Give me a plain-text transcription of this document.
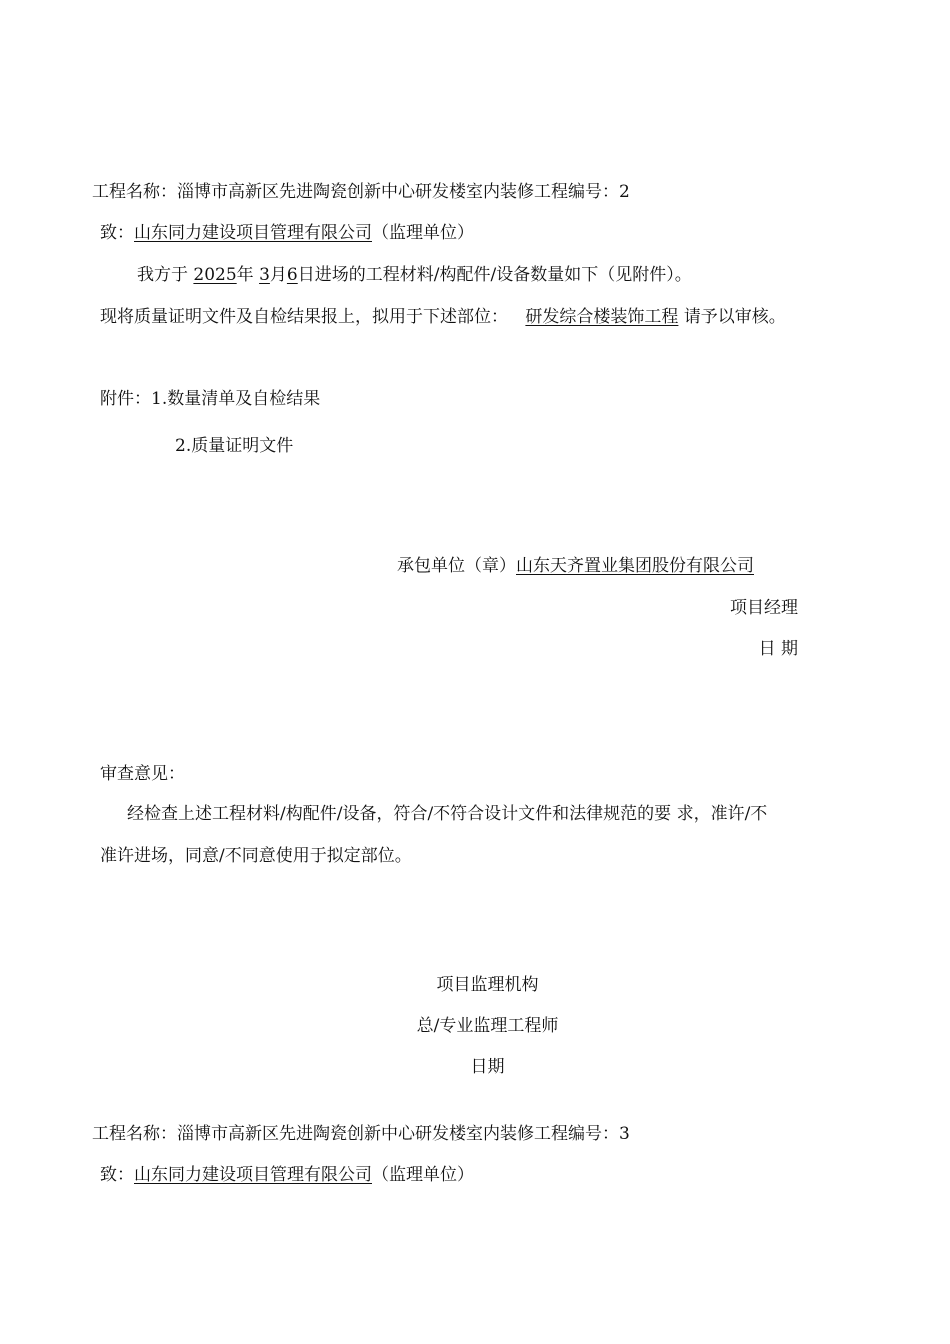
工程名称：淄博市高新区先进陶瓷创新中心研发楼室内装修工程编号：2
致：山东同力建设项目管理有限公司（监理单位）
我方于 2025年 3月6日进场的工程材料/构配件/设备数量如下（见附件）。
现将质量证明文件及自检结果报上，拟用于下述部位： 研发综合楼装饰工程 请予以审核。
附件：1.数量清单及自检结果
2.质量证明文件
承包单位（章）山东天齐置业集团股份有限公司
项目经理
日 期
审查意见：
经检查上述工程材料/构配件/设备，符合/不符合设计文件和法律规范的要 求，准许/不
准许进场，同意/不同意使用于拟定部位。
项目监理机构
总/专业监理工程师
日期
工程名称：淄博市高新区先进陶瓷创新中心研发楼室内装修工程编号：3
致：山东同力建设项目管理有限公司（监理单位）
